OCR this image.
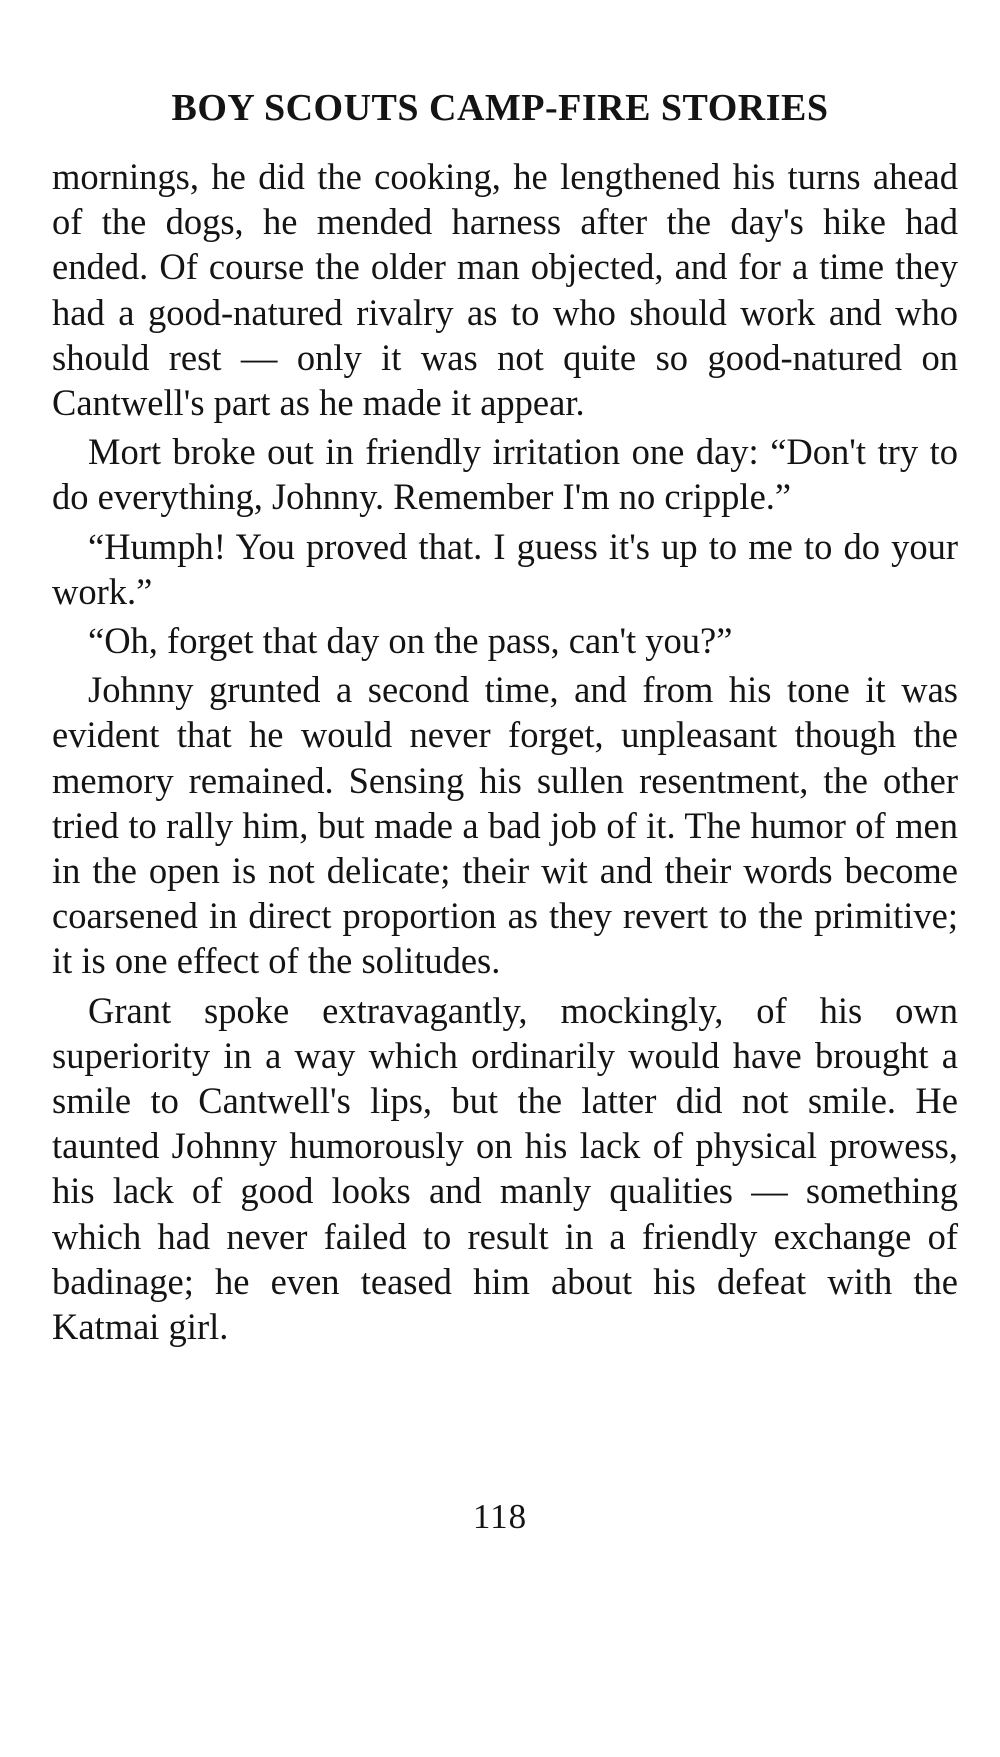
BOY SCOUTS CAMP-FIRE STORIES

mornings, he did the cooking, he lengthened his turns ahead of the dogs, he mended harness after the day's hike had ended. Of course the older man objected, and for a time they had a good-natured rivalry as to who should work and who should rest — only it was not quite so good-natured on Cantwell's part as he made it appear.

Mort broke out in friendly irritation one day: “Don't try to do everything, Johnny. Remember I'm no cripple.”

“Humph! You proved that. I guess it's up to me to do your work.”

“Oh, forget that day on the pass, can't you?”

Johnny grunted a second time, and from his tone it was evident that he would never forget, unpleasant though the memory remained. Sensing his sullen resentment, the other tried to rally him, but made a bad job of it. The humor of men in the open is not delicate; their wit and their words become coarsened in direct proportion as they revert to the primitive; it is one effect of the solitudes.

Grant spoke extravagantly, mockingly, of his own superiority in a way which ordinarily would have brought a smile to Cantwell's lips, but the latter did not smile. He taunted Johnny humorously on his lack of physical prowess, his lack of good looks and manly qualities — something which had never failed to result in a friendly exchange of badinage; he even teased him about his defeat with the Katmai girl.

118
